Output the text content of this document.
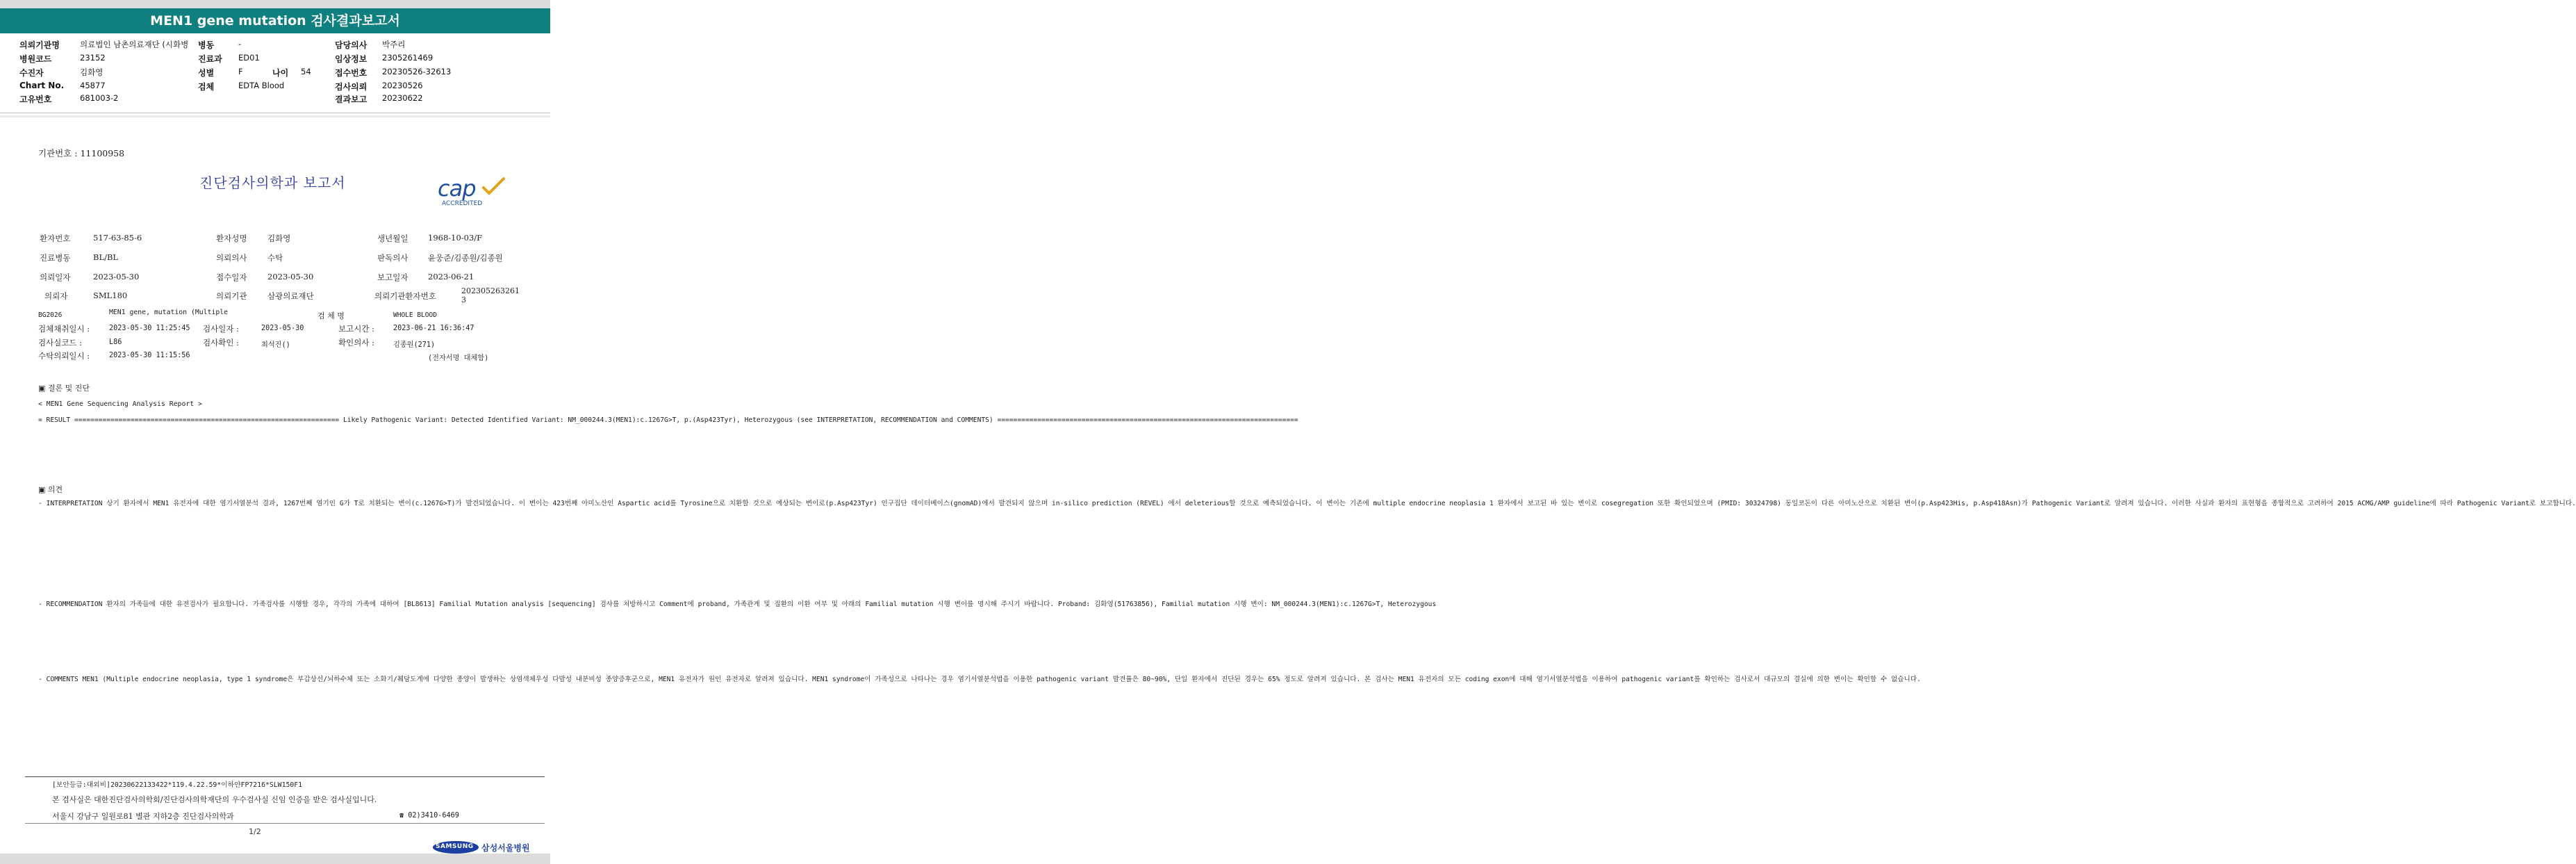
MEN1 gene mutation 검사결과보고서
의뢰기관명	의료법인 남촌의료재단 (시화병 병동	-	담당의사 박주리
병원코드	23152	진료과 ED01	임상정보 2305261469
수진자	김화영	성별	F	나이 54	접수번호 20230526-32613
Chart No. 45877	검체	EDTA Blood	검사의뢰 20230526
고유번호	681003-2	결과보고 20230622
기관번호 : 11100958
진단검사의학과 보고서	cap
ACCREDITED
환자번호	517-63-85-6	환자성명	김화영	생년월일 1968-10-03/F
진료병동	BL/BL	의뢰의사	수탁	판독의사 윤웅준/김종원/김종원
의뢰일자	2023-05-30	접수일자	2023-05-30	보고일자 2023-06-21
의뢰자	SML180	의뢰기관	삼광의료재단	의뢰기관환자번호
202305263261
3
BG2026	MEN1 gene, mutation (Multiple	검 체 명	WHOLE BLOOD
검체채취일시 :	2023-05-30 11:25:45 검사일자 :	2023-05-30	보고시간 :	2023-06-21 16:36:47
검사실코드 :	L86	검사확인 :	최석진()	확인의사 :	김종원(271)
수탁의뢰일시 :	2023-05-30 11:15:56	(전자서명 대체함)
▣ 결론 및 진단
< MEN1 Gene Sequencing Analysis Report >
= RESULT ================================================================== Likely Pathogenic Variant: Detected Identified Variant: NM_000244.3(MEN1):c.1267G>T, p.(Asp423Tyr), Heterozygous (see INTERPRETATION, RECOMMENDATION and COMMENTS) ===========================================================================
▣ 의견
- INTERPRETATION 상기 환자에서 MEN1 유전자에 대한 염기서열분석 결과, 1267번째 염기인 G가 T로 치환되는 변이(c.1267G>T)가 발견되었습니다. 이 변이는 423번째 아미노산인 Aspartic acid를 Tyrosine으로 치환할 것으로 예상되는 변이로(p.Asp423Tyr) 인구집단 데이터베이스(gnomAD)에서 발견되지 않으며 in-silico prediction (REVEL) 에서 deleterious할 것으로 예측되었습니다. 이 변이는 기존에 multiple endocrine neoplasia 1 환자에서 보고된 바 있는 변이로 cosegregation 또한 확인되었으며 (PMID: 30324798) 동일코돈이 다른 아미노산으로 치환된 변이(p.Asp423His, p.Asp418Asn)가 Pathogenic Variant로 알려져 있습니다. 이러한 사실과 환자의 표현형을 종합적으로 고려하여 2015 ACMG/AMP guideline에 따라 Pathogenic Variant로 보고합니다.
- RECOMMENDATION 환자의 가족들에 대한 유전검사가 필요합니다. 가족검사를 시행할 경우, 각각의 가족에 대하여 [BL8613] Familial Mutation analysis [sequencing] 검사를 처방하시고 Comment에 proband, 가족관계 및 질환의 이환 여부 및 아래의 Familial mutation 시행 변이를 명시해 주시기 바랍니다. Proband: 김화영(51763856), Familial mutation 시행 변이: NM_000244.3(MEN1):c.1267G>T, Heterozygous
- COMMENTS MEN1 (Multiple endocrine neoplasia, type 1 syndrome은 부갑상선/뇌하수체 또는 소화기/췌담도계에 다양한 종양이 발생하는 상염색체우성 다발성 내분비성 종양증후군으로, MEN1 유전자가 원인 유전자로 알려져 있습니다. MEN1 syndrome이 가족성으로 나타나는 경우 염기서열분석법을 이용한 pathogenic variant 발견률은 80~90%, 단일 환자에서 진단된 경우는 65% 정도로 알려져 있습니다. 본 검사는 MEN1 유전자의 모든 coding exon에 대해 염기서열분석법을 이용하여 pathogenic variant를 확인하는 검사로서 대규모의 결실에 의한 변이는 확인할 수 없습니다.
[보안등급:대외비]20230622133422*119.4.22.59*이하얀FP7216*SLW150F1
본 검사실은 대한진단검사의학회/진단검사의학재단의 우수검사실 신임 인증을 받은 검사실입니다.
서울시 강남구 일원로81 별관 지하2층 진단검사의학과	☎ 02)3410-6469
1/2
SAMSUNG 삼성서울병원
